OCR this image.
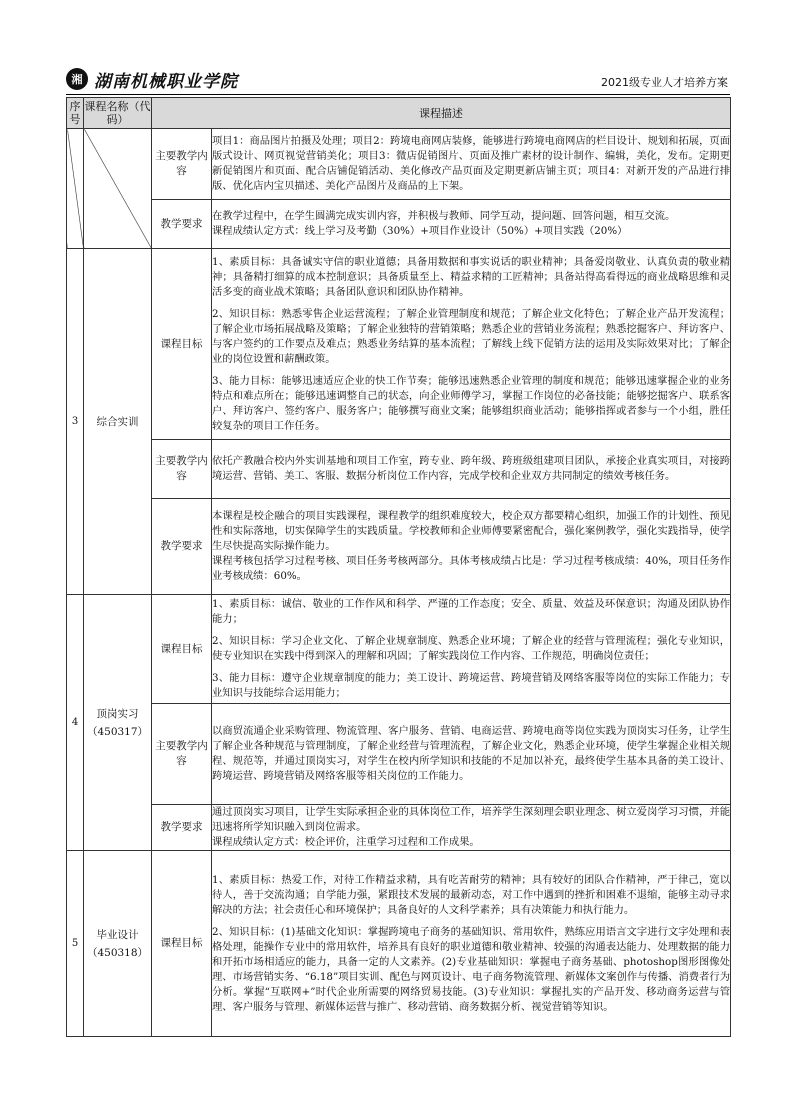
湘 湖南机械职业学院	2021级专业人才培养方案
序号	课程名称（代码）	课程描述	
		主要教学内容	项目1：商品图片拍摄及处理；项目2：跨境电商网店装修，能够进行跨境电商网店的栏目设计、规划和拓展，页面版式设计、网页视觉营销美化；项目3：微店促销图片、页面及推广素材的设计制作、编辑，美化，发布。定期更新促销图片和页面、配合店铺促销活动、美化修改产品页面及定期更新店铺主页；项目4：对新开发的产品进行排版、优化店内宝贝描述、美化产品图片及商品的上下架。

		教学要求	在教学过程中，在学生圆满完成实训内容，并积极与教师、同学互动，提问题、回答问题，相互交流。
课程成绩认定方式：线上学习及考勤（30%）+项目作业设计（50%）+项目实践（20%）

3	综合实训	课程目标	1、素质目标：具备诚实守信的职业道德；具备用数据和事实说话的职业精神；具备爱岗敬业、认真负责的敬业精神；具备精打细算的成本控制意识；具备质量至上、精益求精的工匠精神；具备站得高看得远的商业战略思维和灵活多变的商业战术策略；具备团队意识和团队协作精神。
2、知识目标：熟悉零售企业运营流程；了解企业管理制度和规范；了解企业文化特色；了解企业产品开发流程；了解企业市场拓展战略及策略；了解企业独特的营销策略；熟悉企业的营销业务流程；熟悉挖掘客户、拜访客户、与客户签约的工作要点及难点；熟悉业务结算的基本流程；了解线上线下促销方法的运用及实际效果对比；了解企业的岗位设置和薪酬政策。
3、能力目标：能够迅速适应企业的快工作节奏；能够迅速熟悉企业管理的制度和规范；能够迅速掌握企业的业务特点和难点所在；能够迅速调整自己的状态，向企业师傅学习，掌握工作岗位的必备技能；能够挖掘客户、联系客户、拜访客户、签约客户、服务客户；能够撰写商业文案；能够组织商业活动；能够指挥或者参与一个小组，胜任较复杂的项目工作任务。

		主要教学内容	依托产教融合校内外实训基地和项目工作室，跨专业、跨年级、跨班级组建项目团队，承接企业真实项目，对接跨境运营、营销、美工、客服、数据分析岗位工作内容，完成学校和企业双方共同制定的绩效考核任务。

		教学要求	本课程是校企融合的项目实践课程，课程教学的组织难度较大，校企双方都要精心组织，加强工作的计划性、预见性和实际落地，切实保障学生的实践质量。学校教师和企业师傅要紧密配合，强化案例教学，强化实践指导，使学生尽快提高实际操作能力。
课程考核包括学习过程考核、项目任务考核两部分。具体考核成绩占比是：学习过程考核成绩：40%，项目任务作业考核成绩：60%。

4	顶岗实习（450317）	课程目标	1、素质目标：诚信、敬业的工作作风和科学、严谨的工作态度；安全、质量、效益及环保意识；沟通及团队协作能力；
2、知识目标：学习企业文化、了解企业规章制度、熟悉企业环境；了解企业的经营与管理流程；强化专业知识，使专业知识在实践中得到深入的理解和巩固；了解实践岗位工作内容、工作规范，明确岗位责任；
3、能力目标：遵守企业规章制度的能力；美工设计、跨境运营、跨境营销及网络客服等岗位的实际工作能力；专业知识与技能综合运用能力；

		主要教学内容	以商贸流通企业采购管理、物流管理、客户服务、营销、电商运营、跨境电商等岗位实践为顶岗实习任务，让学生了解企业各种规范与管理制度，了解企业经营与管理流程，了解企业文化，熟悉企业环境，使学生掌握企业相关规程、规范等，并通过顶岗实习，对学生在校内所学知识和技能的不足加以补充，最终使学生基本具备的美工设计、跨境运营、跨境营销及网络客服等相关岗位的工作能力。

		教学要求	通过顶岗实习项目，让学生实际承担企业的具体岗位工作，培养学生深刻理会职业理念、树立爱岗学习习惯，并能迅速将所学知识融入到岗位需求。
课程成绩认定方式：校企评价，注重学习过程和工作成果。

5	毕业设计（450318）	课程目标	1、素质目标：热爱工作，对待工作精益求精，具有吃苦耐劳的精神；具有较好的团队合作精神，严于律己，宽以待人，善于交流沟通；自学能力强，紧跟技术发展的最新动态，对工作中遇到的挫折和困难不退缩，能够主动寻求解决的方法；社会责任心和环境保护；具备良好的人文科学素养；具有决策能力和执行能力。
2、知识目标：(1)基础文化知识：掌握跨境电子商务的基础知识、常用软件，熟练应用语言文字进行文字处理和表格处理，能操作专业中的常用软件，培养具有良好的职业道德和敬业精神、较强的沟通表达能力、处理数据的能力和开拓市场相适应的能力，具备一定的人文素养。(2)专业基础知识：掌握电子商务基础、photoshop图形图像处理、市场营销实务、“6.18”项目实训、配色与网页设计、电子商务物流管理、新媒体文案创作与传播、消费者行为分析。掌握“互联网+”时代企业所需要的网络贸易技能。(3)专业知识：掌握扎实的产品开发、移动商务运营与管理、客户服务与管理、新媒体运营与推广、移动营销、商务数据分析、视觉营销等知识。
